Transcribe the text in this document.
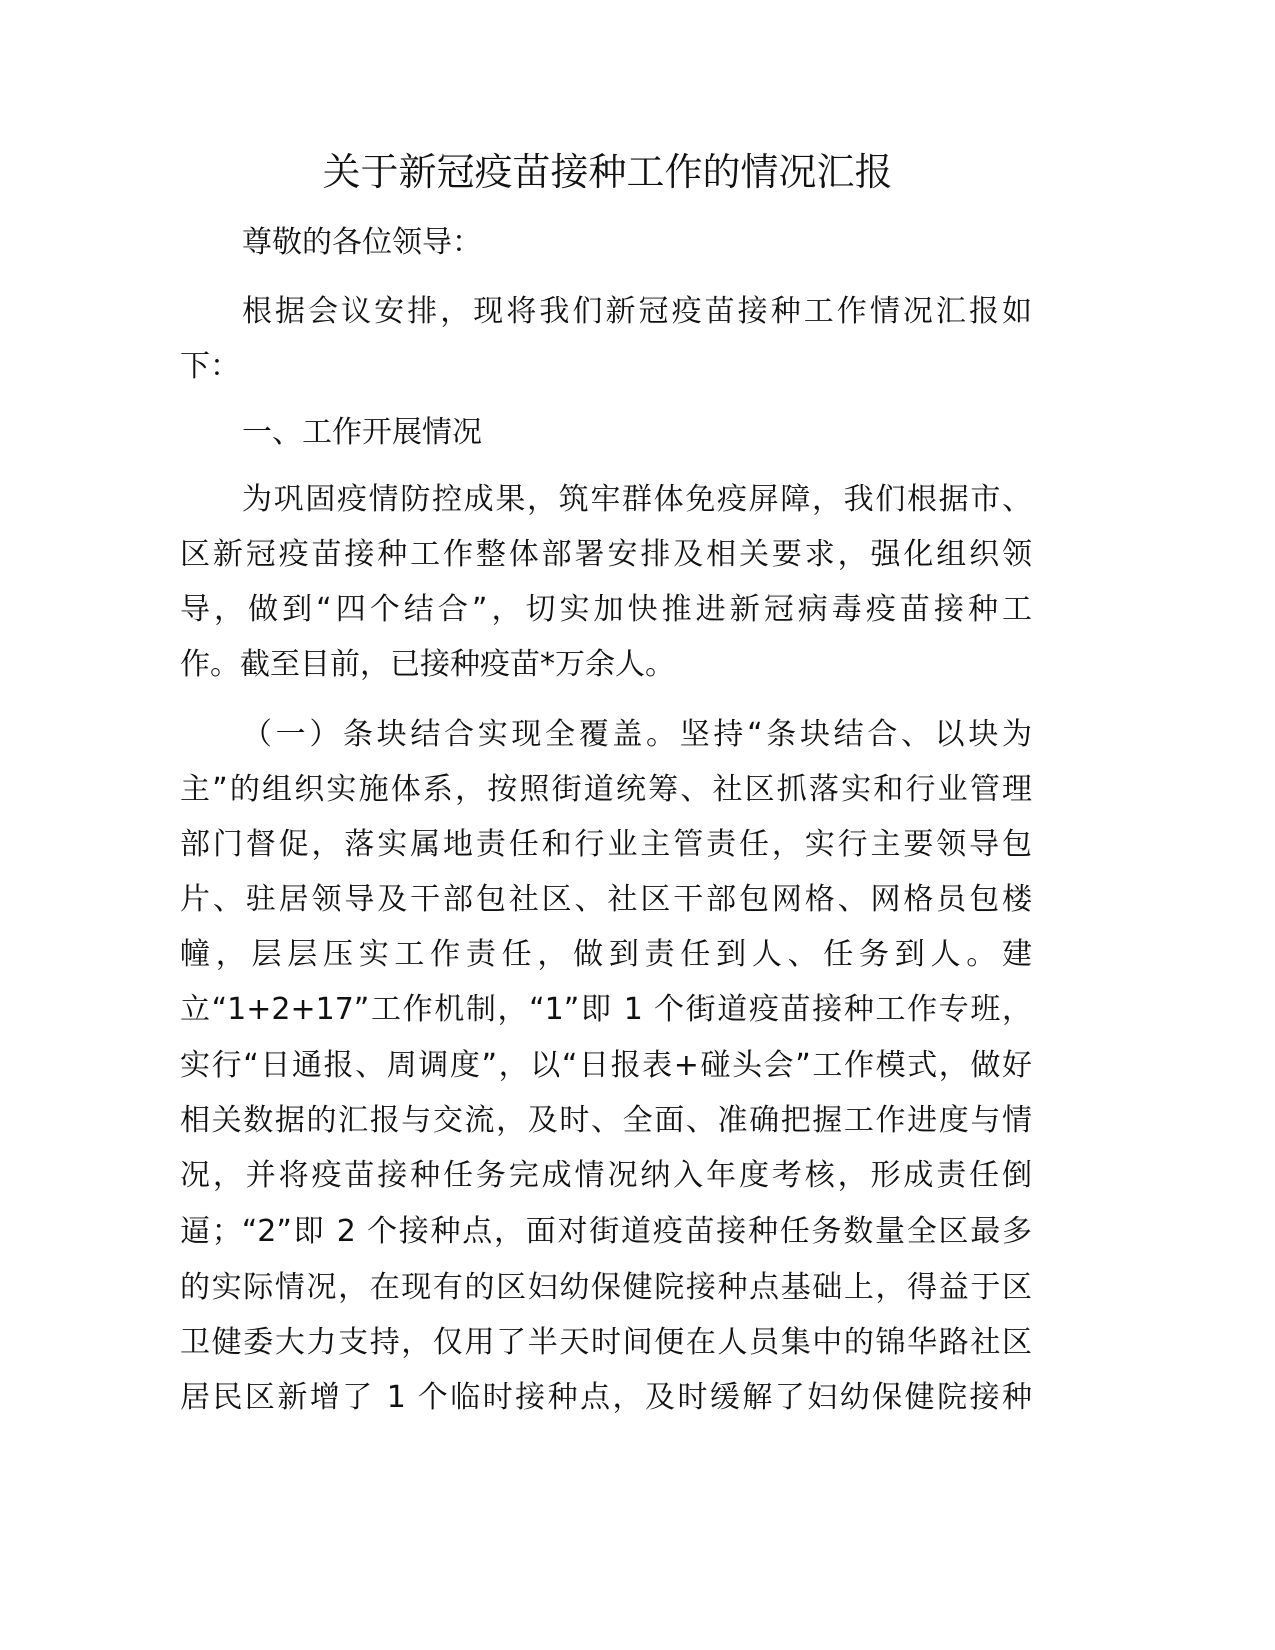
关于新冠疫苗接种工作的情况汇报
尊敬的各位领导：
根据会议安排，现将我们新冠疫苗接种工作情况汇报如
下：
一、工作开展情况
为巩固疫情防控成果，筑牢群体免疫屏障，我们根据市、
区新冠疫苗接种工作整体部署安排及相关要求，强化组织领
导，做到“四个结合”，切实加快推进新冠病毒疫苗接种工
作。截至目前，已接种疫苗*万余人。
（一）条块结合实现全覆盖。坚持“条块结合、以块为
主”的组织实施体系，按照街道统筹、社区抓落实和行业管理
部门督促，落实属地责任和行业主管责任，实行主要领导包
片、驻居领导及干部包社区、社区干部包网格、网格员包楼
幢，层层压实工作责任，做到责任到人、任务到人。建
立“1+2+17”工作机制，“1”即 1 个街道疫苗接种工作专班，
实行“日通报、周调度”，以“日报表+碰头会”工作模式，做好
相关数据的汇报与交流，及时、全面、准确把握工作进度与情
况，并将疫苗接种任务完成情况纳入年度考核，形成责任倒
逼；“2”即 2 个接种点，面对街道疫苗接种任务数量全区最多
的实际情况，在现有的区妇幼保健院接种点基础上，得益于区
卫健委大力支持，仅用了半天时间便在人员集中的锦华路社区
居民区新增了 1 个临时接种点，及时缓解了妇幼保健院接种
